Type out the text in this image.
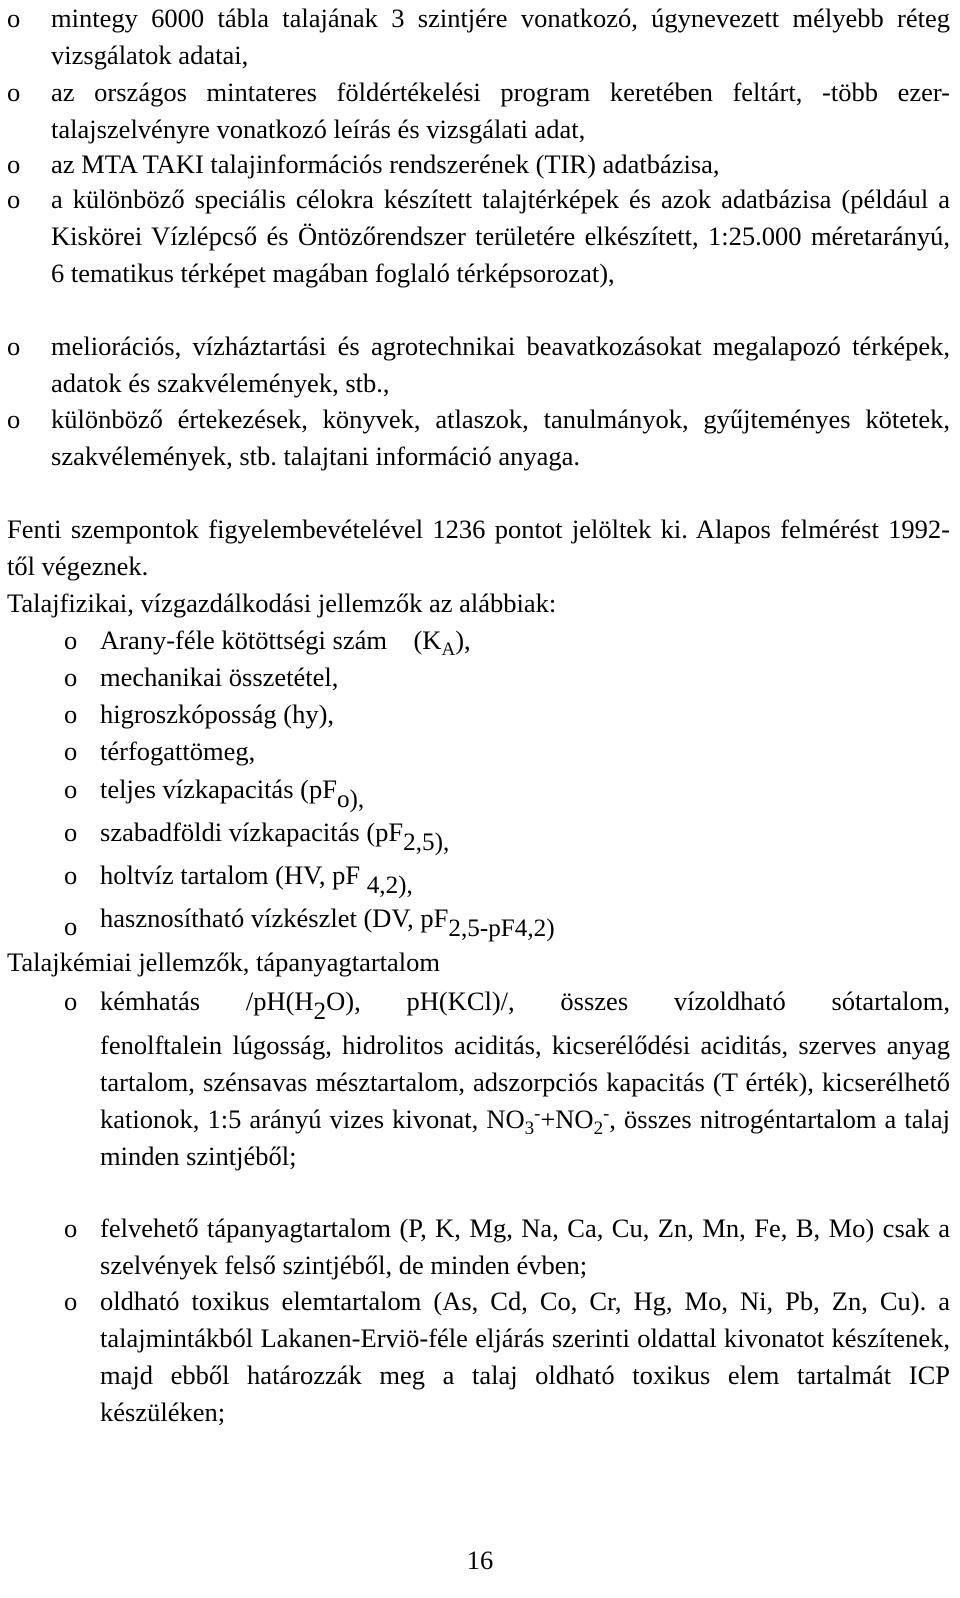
o mintegy 6000 tábla talajának 3 szintjére vonatkozó, úgynevezett mélyebb réteg vizsgálatok adatai,
o az országos mintateres földértékelési program keretében feltárt, -több ezer- talajszelvényre vonatkozó leírás és vizsgálati adat,
o az MTA TAKI talajinformációs rendszerének (TIR) adatbázisa,
o a különböző speciális célokra készített talajtérképek és azok adatbázisa (például a Kiskörei Vízlépcső és Öntözőrendszer területére elkészített, 1:25.000 méretarányú, 6 tematikus térképet magában foglaló térképsorozat),
o meliorációs, vízháztartási és agrotechnikai beavatkozásokat megalapozó térképek, adatok és szakvélemények, stb.,
o különböző értekezések, könyvek, atlaszok, tanulmányok, gyűjteményes kötetek, szakvélemények, stb. talajtani információ anyaga.
Fenti szempontok figyelembevételével 1236 pontot jelöltek ki. Alapos felmérést 1992-től végeznek.
Talajfizikai, vízgazdálkodási jellemzők az alábbiak:
o Arany-féle kötöttségi szám $(K_A)$,
o mechanikai összetétel,
o higroszkóposság (hy),
o térfogattömeg,
o teljes vízkapacitás (pFo),
o szabadföldi vízkapacitás (pF2,5),
o holtvíz tartalom (HV, pF 4,2),
o hasznosítható vízkészlet (DV, pF2,5-pF4,2)
Talajkémiai jellemzők, tápanyagtartalom
o kémhatás /pH(H2O), pH(KCl)/, összes vízoldható sótartalom,
fenolftalein lúgosság, hidrolitos aciditás, kicserélődési aciditás, szerves anyag tartalom, szénsavas mésztartalom, adszorpciós kapacitás (T érték), kicserélhető kationok, 1:5 arányú vizes kivonat, $NO_3^-+NO_2^-$, összes nitrogéntartalom a talaj minden szintjéből;
o felvehető tápanyagtartalom (P, K, Mg, Na, Ca, Cu, Zn, Mn, Fe, B, Mo) csak a szelvények felső szintjéből, de minden évben;
o oldható toxikus elemtartalom (As, Cd, Co, Cr, Hg, Mo, Ni, Pb, Zn, Cu). a talajmintákból Lakanen-Erviö-féle eljárás szerinti oldattal kivonatot készítenek, majd ebből határozzák meg a talaj oldható toxikus elem tartalmát ICP készüléken;
16
